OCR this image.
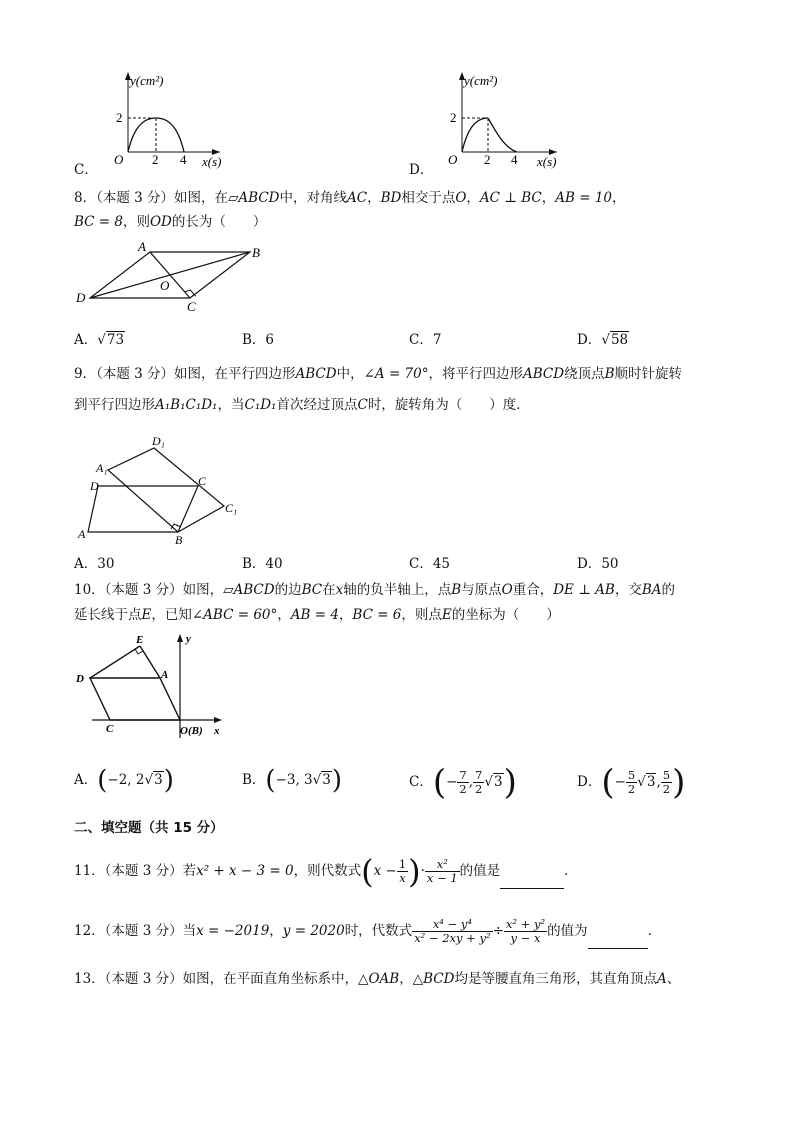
y(cm²)
2
O 2 4 x(s)
C．
y(cm²)
2
O 2 4 x(s)
D．
8．（本题 3 分）如图，在▱ABCD中，对角线AC，BD相交于点O，AC ⊥ BC，AB = 10，
BC = 8，则OD的长为（　　）
A	B
C
D
O
A．√73	B．6	C．7	D．√58
9．（本题 3 分）如图，在平行四边形ABCD中，∠A = 70°，将平行四边形ABCD绕顶点B顺时针旋转
到平行四边形A₁B₁C₁D₁，当C₁D₁首次经过顶点C时，旋转角为（　　）度．
A	B
C
D
A₁
C₁
D₁
A．30	B．40	C．45	D．50
10．（本题 3 分）如图，▱ABCD的边BC在x轴的负半轴上，点B与原点O重合，DE ⊥ AB，交BA的
延长线于点E，已知∠ABC = 60°，AB = 4，BC = 6，则点E的坐标为（　　）
E
A
D
C	O(B)
y
x
A．(−2, 2√3)	B．(−3, 3√3)	C．(− $\frac{7}{2}$ , $\frac{7}{2} √3$)	D．(− $\frac{5}{2} √3$, $\frac{5}{2}$ )
二、填空题（共 15 分）
11．（本题 3 分）若x² + x − 3 = 0，则代数式($x - \frac{1}{x}$ )· $\frac{\text{x²}}{x - 1}$ 的值是	．
12．（本题 3 分）当x = −2019，y = 2020时，代数式 $\frac{\text{x⁴ − y⁴}}{\text{x² − 2xy + y²}} \div \frac{\text{x² + y²}}{y - x}$ 的值为	．
13．（本题 3 分）如图，在平面直角坐标系中，△OAB，△BCD均是等腰直角三角形，其直角顶点A、
